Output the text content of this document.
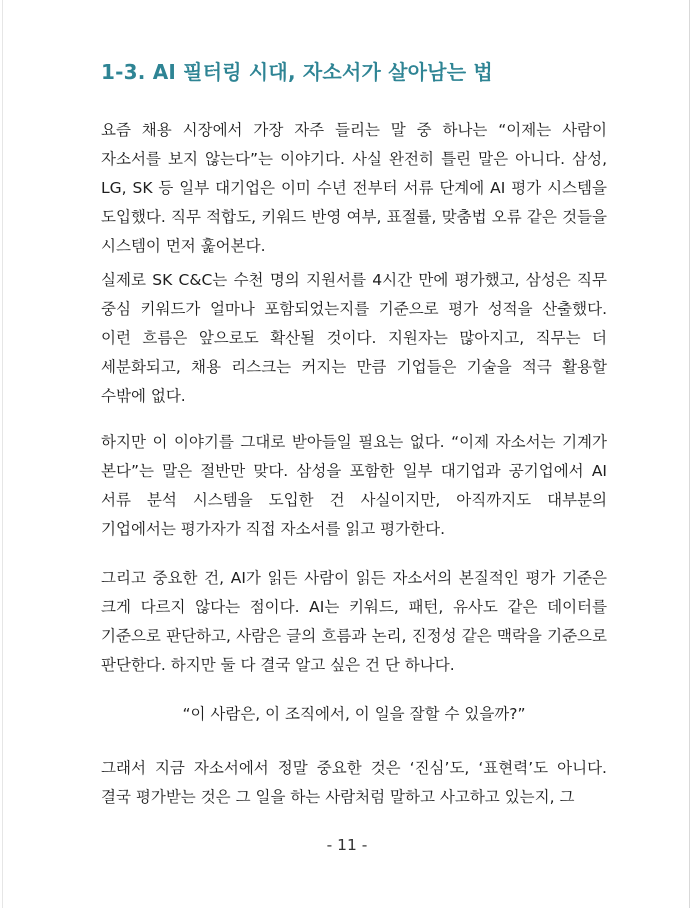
1-3. AI 필터링 시대, 자소서가 살아남는 법

요즘 채용 시장에서 가장 자주 들리는 말 중 하나는 “이제는 사람이 자소서를 보지 않는다”는 이야기다. 사실 완전히 틀린 말은 아니다. 삼성, LG, SK 등 일부 대기업은 이미 수년 전부터 서류 단계에 AI 평가 시스템을 도입했다. 직무 적합도, 키워드 반영 여부, 표절률, 맞춤법 오류 같은 것들을 시스템이 먼저 훑어본다.

실제로 SK C&C는 수천 명의 지원서를 4시간 만에 평가했고, 삼성은 직무 중심 키워드가 얼마나 포함되었는지를 기준으로 평가 성적을 산출했다. 이런 흐름은 앞으로도 확산될 것이다. 지원자는 많아지고, 직무는 더 세분화되고, 채용 리스크는 커지는 만큼 기업들은 기술을 적극 활용할 수밖에 없다.

하지만 이 이야기를 그대로 받아들일 필요는 없다. “이제 자소서는 기계가 본다”는 말은 절반만 맞다. 삼성을 포함한 일부 대기업과 공기업에서 AI 서류 분석 시스템을 도입한 건 사실이지만, 아직까지도 대부분의 기업에서는 평가자가 직접 자소서를 읽고 평가한다.

그리고 중요한 건, AI가 읽든 사람이 읽든 자소서의 본질적인 평가 기준은 크게 다르지 않다는 점이다. AI는 키워드, 패턴, 유사도 같은 데이터를 기준으로 판단하고, 사람은 글의 흐름과 논리, 진정성 같은 맥락을 기준으로 판단한다. 하지만 둘 다 결국 알고 싶은 건 단 하나다.

“이 사람은, 이 조직에서, 이 일을 잘할 수 있을까?”

그래서 지금 자소서에서 정말 중요한 것은 ‘진심’도, ‘표현력’도 아니다. 결국 평가받는 것은 그 일을 하는 사람처럼 말하고 사고하고 있는지, 그

- 11 -
